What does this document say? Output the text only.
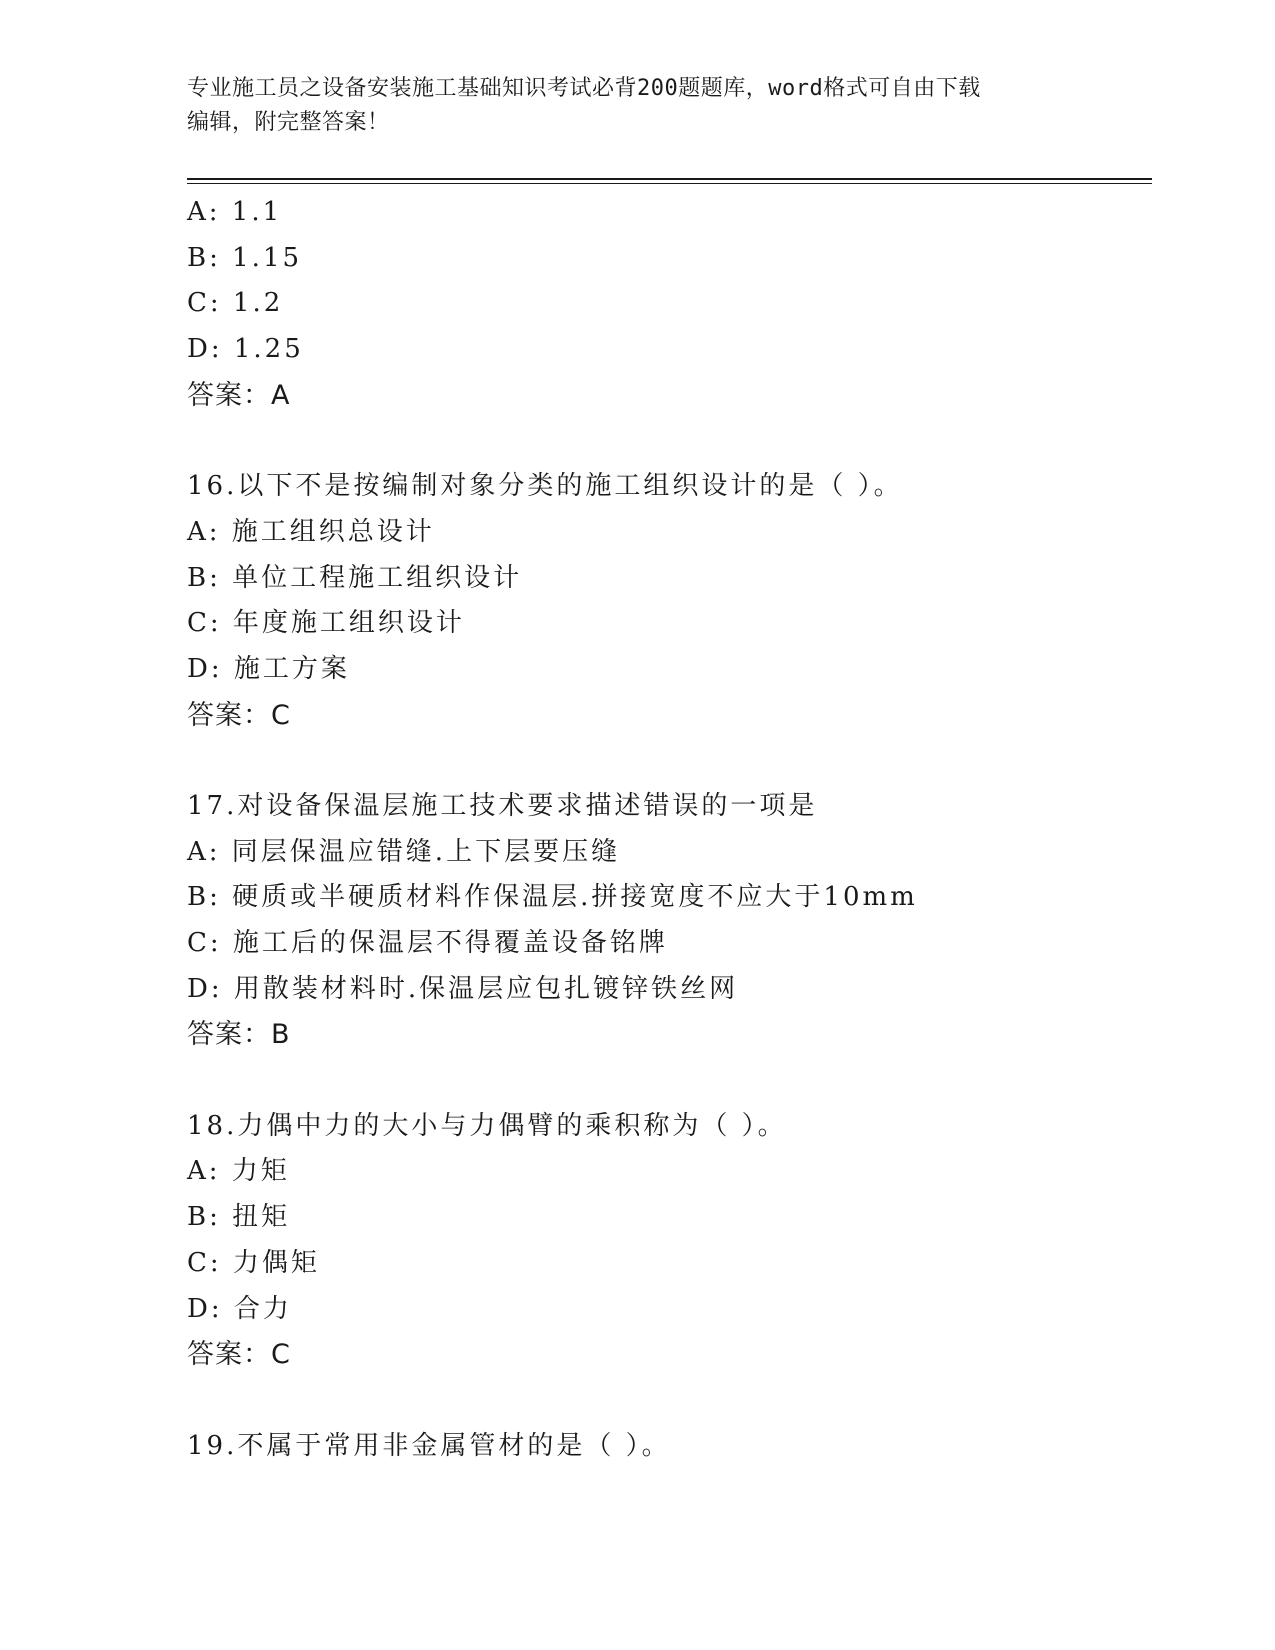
专业施工员之设备安装施工基础知识考试必背200题题库，word格式可自由下载
编辑，附完整答案！
A: 1.1
B: 1.15
C: 1.2
D: 1.25
答案：A
16.以下不是按编制对象分类的施工组织设计的是（ ）。
A: 施工组织总设计
B: 单位工程施工组织设计
C: 年度施工组织设计
D: 施工方案
答案：C
17.对设备保温层施工技术要求描述错误的一项是
A: 同层保温应错缝.上下层要压缝
B: 硬质或半硬质材料作保温层.拼接宽度不应大于10mm
C: 施工后的保温层不得覆盖设备铭牌
D: 用散装材料时.保温层应包扎镀锌铁丝网
答案：B
18.力偶中力的大小与力偶臂的乘积称为（ ）。
A: 力矩
B: 扭矩
C: 力偶矩
D: 合力
答案：C
19.不属于常用非金属管材的是（ ）。
